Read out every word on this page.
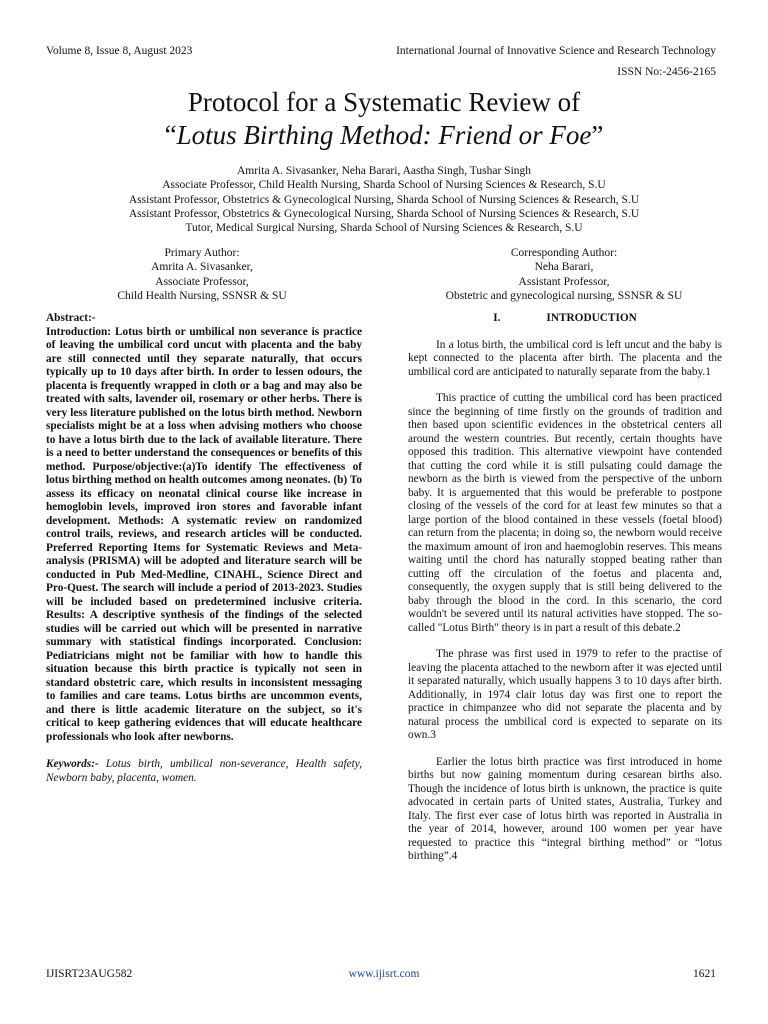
Volume 8, Issue 8, August 2023	International Journal of Innovative Science and Research Technology
ISSN No:-2456-2165
Protocol for a Systematic Review of
“Lotus Birthing Method: Friend or Foe”
Amrita A. Sivasanker, Neha Barari, Aastha Singh, Tushar Singh
Associate Professor, Child Health Nursing, Sharda School of Nursing Sciences & Research, S.U
Assistant Professor, Obstetrics & Gynecological Nursing, Sharda School of Nursing Sciences & Research, S.U
Assistant Professor, Obstetrics & Gynecological Nursing, Sharda School of Nursing Sciences & Research, S.U
Tutor, Medical Surgical Nursing, Sharda School of Nursing Sciences & Research, S.U
Primary Author:
Amrita A. Sivasanker,
Associate Professor,
Child Health Nursing, SSNSR & SU
Corresponding Author:
Neha Barari,
Assistant Professor,
Obstetric and gynecological nursing, SSNSR & SU
Abstract:-

Introduction: Lotus birth or umbilical non severance is practice of leaving the umbilical cord uncut with placenta and the baby are still connected until they separate naturally, that occurs typically up to 10 days after birth. In order to lessen odours, the placenta is frequently wrapped in cloth or a bag and may also be treated with salts, lavender oil, rosemary or other herbs. There is very less literature published on the lotus birth method. Newborn specialists might be at a loss when advising mothers who choose to have a lotus birth due to the lack of available literature. There is a need to better understand the consequences or benefits of this method. Purpose/objective:(a)To identify The effectiveness of lotus birthing method on health outcomes among neonates. (b) To assess its efficacy on neonatal clinical course like increase in hemoglobin levels, improved iron stores and favorable infant development. Methods: A systematic review on randomized control trails, reviews, and research articles will be conducted. Preferred Reporting Items for Systematic Reviews and Meta-analysis (PRISMA) will be adopted and literature search will be conducted in Pub Med-Medline, CINAHL, Science Direct and Pro-Quest. The search will include a period of 2013-2023. Studies will be included based on predetermined inclusive criteria. Results: A descriptive synthesis of the findings of the selected studies will be carried out which will be presented in narrative summary with statistical findings incorporated. Conclusion: Pediatricians might not be familiar with how to handle this situation because this birth practice is typically not seen in standard obstetric care, which results in inconsistent messaging to families and care teams. Lotus births are uncommon events, and there is little academic literature on the subject, so it's critical to keep gathering evidences that will educate healthcare professionals who look after newborns.

Keywords:- Lotus birth, umbilical non-severance, Health safety, Newborn baby, placenta, women.
I.	INTRODUCTION

In a lotus birth, the umbilical cord is left uncut and the baby is kept connected to the placenta after birth. The placenta and the umbilical cord are anticipated to naturally separate from the baby.1

This practice of cutting the umbilical cord has been practiced since the beginning of time firstly on the grounds of tradition and then based upon scientific evidences in the obstetrical centers all around the western countries. But recently, certain thoughts have opposed this tradition. This alternative viewpoint have contended that cutting the cord while it is still pulsating could damage the newborn as the birth is viewed from the perspective of the unborn baby. It is arguemented that this would be preferable to postpone closing of the vessels of the cord for at least few minutes so that a large portion of the blood contained in these vessels (foetal blood) can return from the placenta; in doing so, the newborn would receive the maximum amount of iron and haemoglobin reserves. This means waiting until the chord has naturally stopped beating rather than cutting off the circulation of the foetus and placenta and, consequently, the oxygen supply that is still being delivered to the baby through the blood in the cord. In this scenario, the cord wouldn't be severed until its natural activities have stopped. The so-called "Lotus Birth" theory is in part a result of this debate.2

The phrase was first used in 1979 to refer to the practise of leaving the placenta attached to the newborn after it was ejected until it separated naturally, which usually happens 3 to 10 days after birth. Additionally, in 1974 clair lotus day was first one to report the practice in chimpanzee who did not separate the placenta and by natural process the umbilical cord is expected to separate on its own.3

Earlier the lotus birth practice was first introduced in home births but now gaining momentum during cesarean births also. Though the incidence of lotus birth is unknown, the practice is quite advocated in certain parts of United states, Australia, Turkey and Italy. The first ever case of lotus birth was reported in Australia in the year of 2014, however, around 100 women per year have requested to practice this “integral birthing method” or “lotus birthing”.4

IJISRT23AUG582	www.ijisrt.com	1621
